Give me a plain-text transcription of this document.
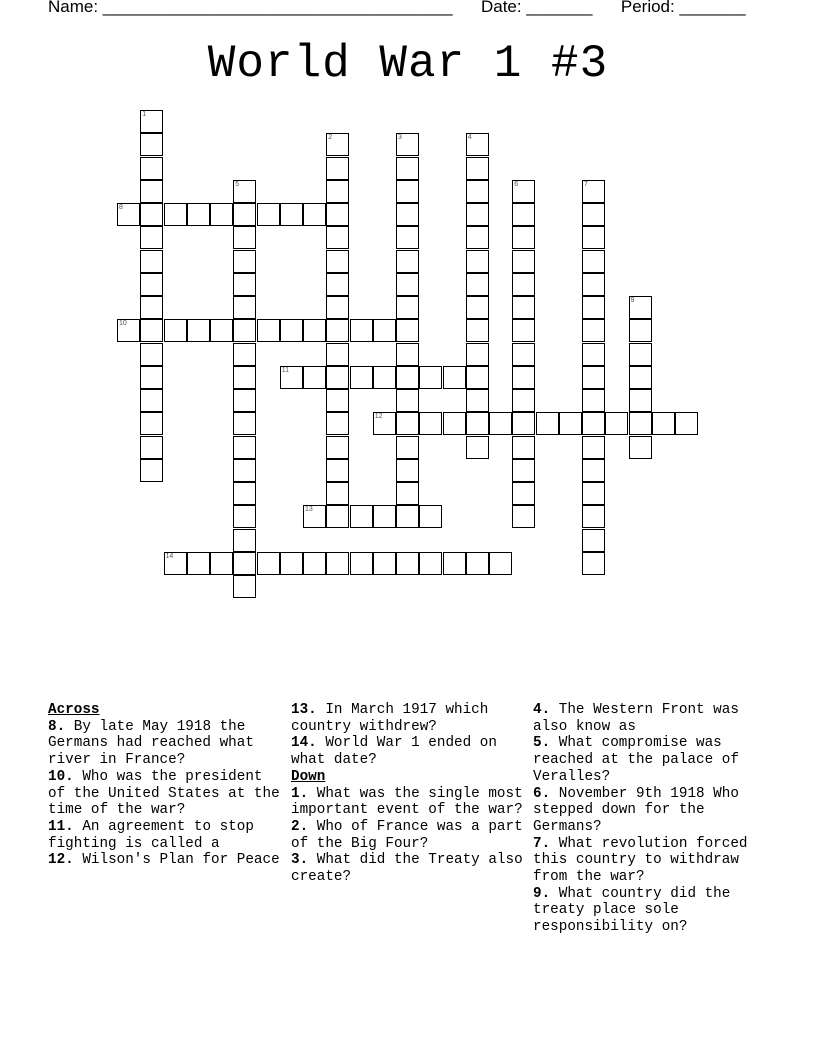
Name: _____________________________________ Date: _______ Period: _______
World War 1 #3
1
2	3	4
5	6	7
8
9
10
11
12
13
14

Across

8. By late May 1918 the Germans had reached what river in France?

10. Who was the president of the United States at the time of the war?

11. An agreement to stop fighting is called a

12. Wilson's Plan for Peace

13. In March 1917 which country withdrew?

14. World War 1 ended on what date?

Down

1. What was the single most important event of the war?

2. Who of France was a part of the Big Four?

3. What did the Treaty also create?

4. The Western Front was also know as

5. What compromise was reached at the palace of Veralles?

6. November 9th 1918 Who stepped down for the Germans?

7. What revolution forced this country to withdraw from the war?

9. What country did the treaty place sole responsibility on?
